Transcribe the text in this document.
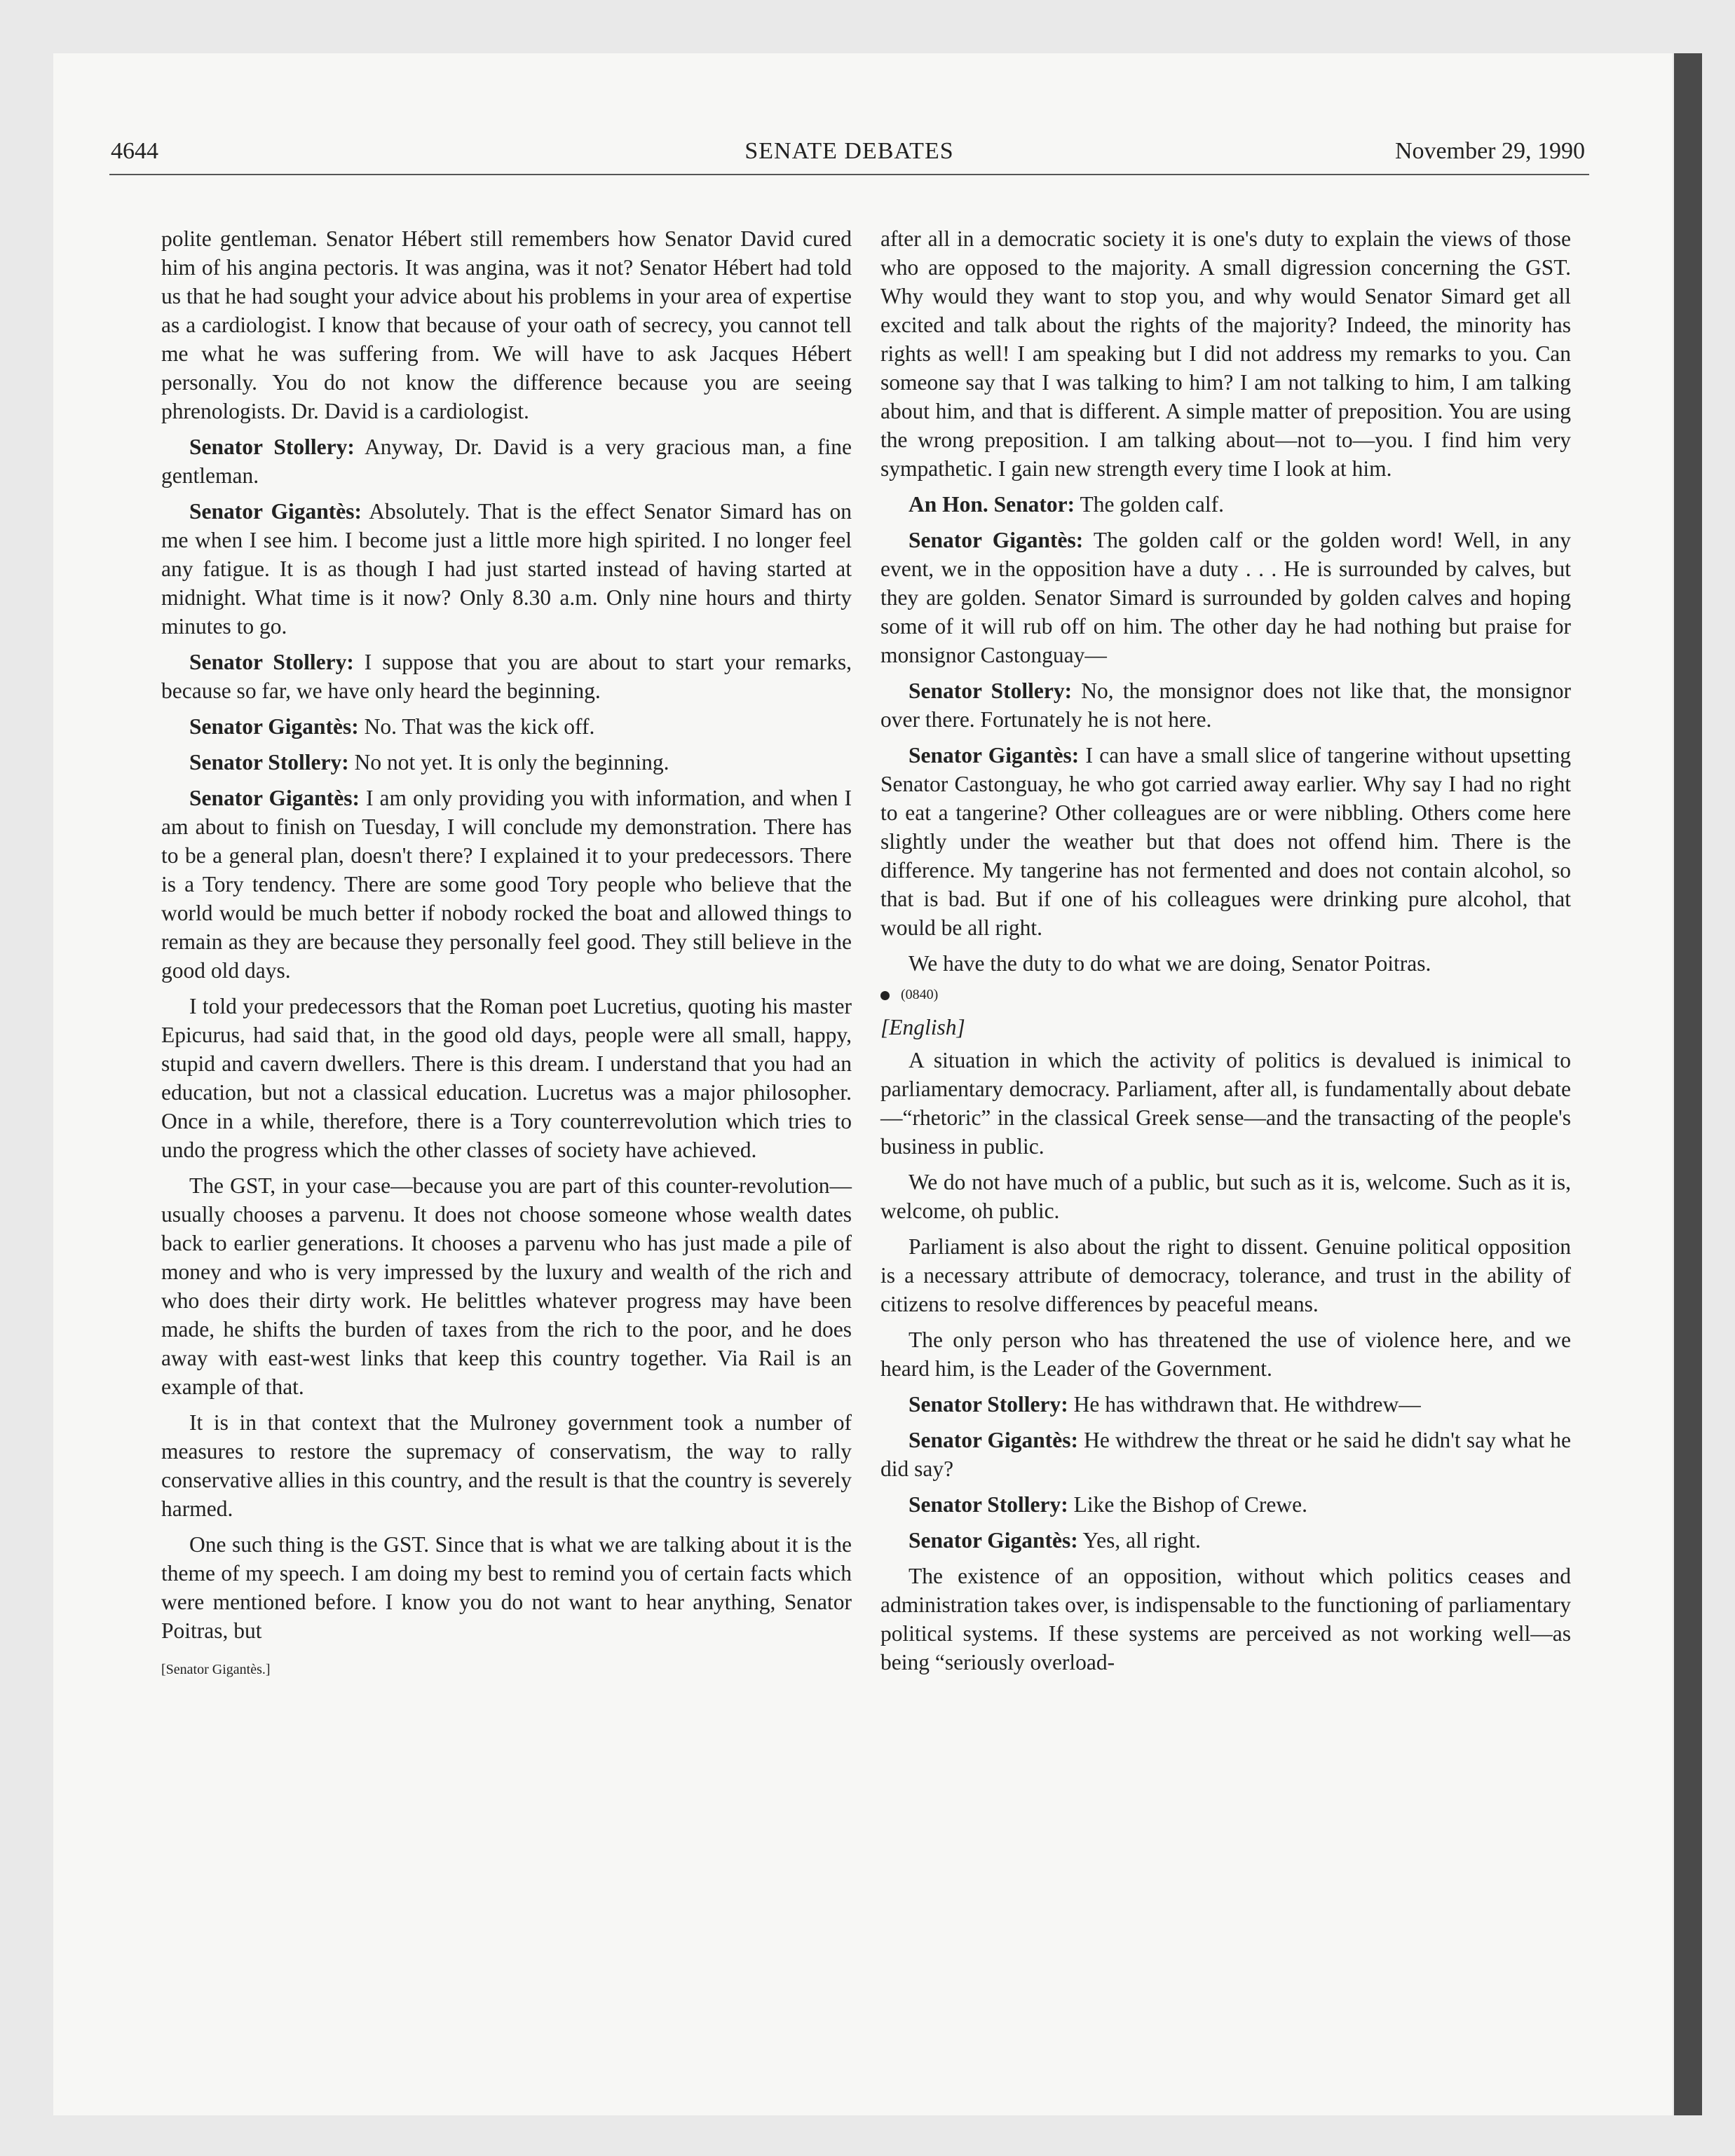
4644	SENATE DEBATES	November 29, 1990
polite gentleman. Senator Hébert still remembers how Senator David cured him of his angina pectoris. It was angina, was it not? Senator Hébert had told us that he had sought your advice about his problems in your area of expertise as a cardiologist. I know that because of your oath of secrecy, you cannot tell me what he was suffering from. We will have to ask Jacques Hébert personally. You do not know the difference because you are seeing phrenologists. Dr. David is a cardiologist.
Senator Stollery: Anyway, Dr. David is a very gracious man, a fine gentleman.
Senator Gigantès: Absolutely. That is the effect Senator Simard has on me when I see him. I become just a little more high spirited. I no longer feel any fatigue. It is as though I had just started instead of having started at midnight. What time is it now? Only 8.30 a.m. Only nine hours and thirty minutes to go.
Senator Stollery: I suppose that you are about to start your remarks, because so far, we have only heard the beginning.
Senator Gigantès: No. That was the kick off.
Senator Stollery: No not yet. It is only the beginning.
Senator Gigantès: I am only providing you with information, and when I am about to finish on Tuesday, I will conclude my demonstration. There has to be a general plan, doesn't there? I explained it to your predecessors. There is a Tory tendency. There are some good Tory people who believe that the world would be much better if nobody rocked the boat and allowed things to remain as they are because they personally feel good. They still believe in the good old days.
I told your predecessors that the Roman poet Lucretius, quoting his master Epicurus, had said that, in the good old days, people were all small, happy, stupid and cavern dwellers. There is this dream. I understand that you had an education, but not a classical education. Lucretus was a major philosopher. Once in a while, therefore, there is a Tory counterrevolution which tries to undo the progress which the other classes of society have achieved.
The GST, in your case—because you are part of this counter-revolution—usually chooses a parvenu. It does not choose someone whose wealth dates back to earlier generations. It chooses a parvenu who has just made a pile of money and who is very impressed by the luxury and wealth of the rich and who does their dirty work. He belittles whatever progress may have been made, he shifts the burden of taxes from the rich to the poor, and he does away with east-west links that keep this country together. Via Rail is an example of that.
It is in that context that the Mulroney government took a number of measures to restore the supremacy of conservatism, the way to rally conservative allies in this country, and the result is that the country is severely harmed.
One such thing is the GST. Since that is what we are talking about it is the theme of my speech. I am doing my best to remind you of certain facts which were mentioned before. I know you do not want to hear anything, Senator Poitras, but
[Senator Gigantès.]
after all in a democratic society it is one's duty to explain the views of those who are opposed to the majority. A small digression concerning the GST. Why would they want to stop you, and why would Senator Simard get all excited and talk about the rights of the majority? Indeed, the minority has rights as well! I am speaking but I did not address my remarks to you. Can someone say that I was talking to him? I am not talking to him, I am talking about him, and that is different. A simple matter of preposition. You are using the wrong preposition. I am talking about—not to—you. I find him very sympathetic. I gain new strength every time I look at him.
An Hon. Senator: The golden calf.
Senator Gigantès: The golden calf or the golden word! Well, in any event, we in the opposition have a duty . . . He is surrounded by calves, but they are golden. Senator Simard is surrounded by golden calves and hoping some of it will rub off on him. The other day he had nothing but praise for monsignor Castonguay—
Senator Stollery: No, the monsignor does not like that, the monsignor over there. Fortunately he is not here.
Senator Gigantès: I can have a small slice of tangerine without upsetting Senator Castonguay, he who got carried away earlier. Why say I had no right to eat a tangerine? Other colleagues are or were nibbling. Others come here slightly under the weather but that does not offend him. There is the difference. My tangerine has not fermented and does not contain alcohol, so that is bad. But if one of his colleagues were drinking pure alcohol, that would be all right.
We have the duty to do what we are doing, Senator Poitras.
(0840)
[English]
A situation in which the activity of politics is devalued is inimical to parliamentary democracy. Parliament, after all, is fundamentally about debate—“rhetoric” in the classical Greek sense—and the transacting of the people's business in public.
We do not have much of a public, but such as it is, welcome. Such as it is, welcome, oh public.
Parliament is also about the right to dissent. Genuine political opposition is a necessary attribute of democracy, tolerance, and trust in the ability of citizens to resolve differences by peaceful means.
The only person who has threatened the use of violence here, and we heard him, is the Leader of the Government.
Senator Stollery: He has withdrawn that. He withdrew—
Senator Gigantès: He withdrew the threat or he said he didn't say what he did say?
Senator Stollery: Like the Bishop of Crewe.
Senator Gigantès: Yes, all right.
The existence of an opposition, without which politics ceases and administration takes over, is indispensable to the functioning of parliamentary political systems. If these systems are perceived as not working well—as being “seriously overload-
